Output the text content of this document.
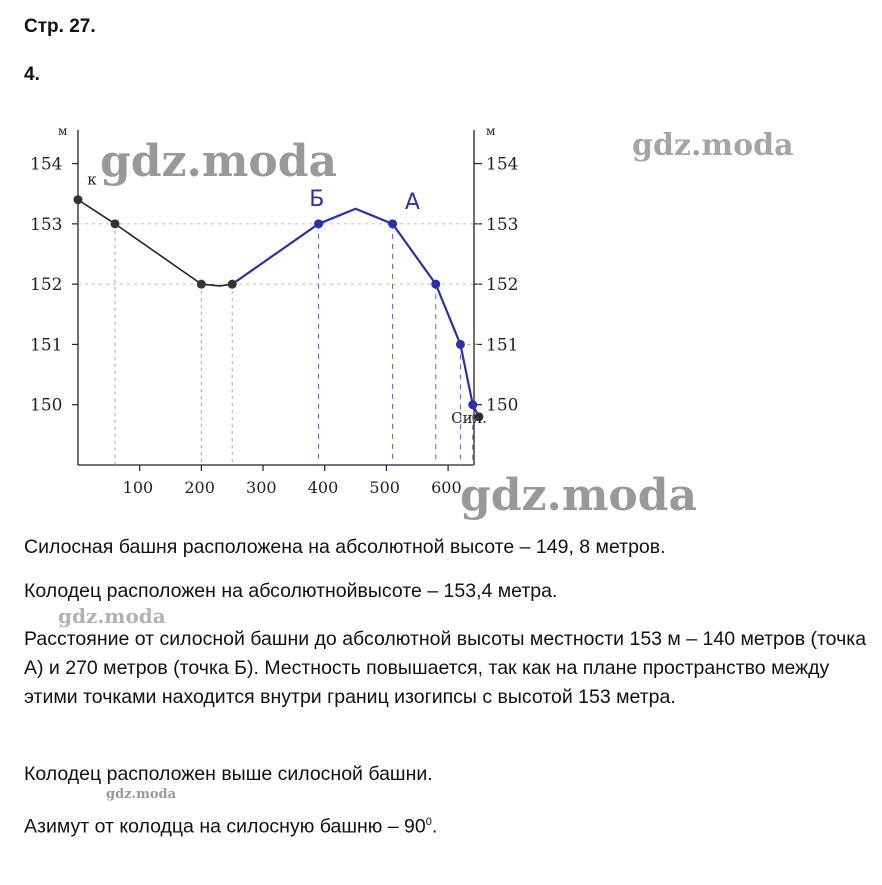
Стр. 27.
4.
м	м
150	150
151	151
152	152
153	153
154	154
100 200 300 400 500 600
к
Б	А
Сил.
gdz.moda	gdz.moda
gdz.moda
gdz.moda
gdz.moda

Силосная башня расположена на абсолютной высоте – 149, 8 метров.

Колодец расположен на абсолютнойвысоте – 153,4 метра.

Расстояние от силосной башни до абсолютной высоты местности 153 м – 140 метров (точка А) и 270 метров (точка Б). Местность повышается, так как на плане пространство между этими точками находится внутри границ изогипсы с высотой 153 метра.

Колодец расположен выше силосной башни.

Азимут от колодца на силосную башню – $90^0$.
